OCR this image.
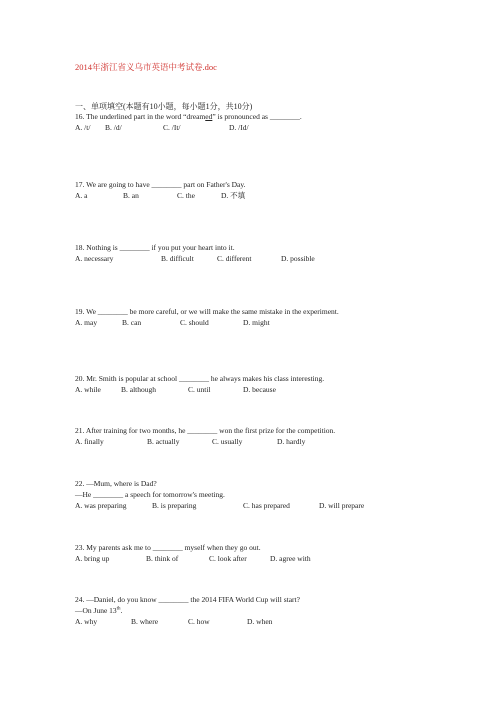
2014年浙江省义乌市英语中考试卷.doc
一、单项填空(本题有10小题，每小题1分，共10分)
16. The underlined part in the word “dreamed” is pronounced as ________.
A. /t/ B. /d/	C. /It/	D. /Id/
17. We are going to have ________ part on Father's Day.
A. a	B. an	C. the	D. 不填
18. Nothing is ________ if you put your heart into it.
A. necessary	B. difficult	C. different	D. possible
19. We ________ be more careful, or we will make the same mistake in the experiment.
A. may	B. can	C. should	D. might
20. Mr. Smith is popular at school ________ he always makes his class interesting.
A. while	B. although	C. until	D. because
21. After training for two months, he ________ won the first prize for the competition.
A. finally	B. actually	C. usually	D. hardly
22. —Mum, where is Dad?
—He ________ a speech for tomorrow's meeting.
A. was preparing	B. is preparing	C. has prepared	D. will prepare
23. My parents ask me to ________ myself when they go out.
A. bring up	B. think of	C. look after	D. agree with
24. —Daniel, do you know ________ the 2014 FIFA World Cup will start?
—On June 13th.
A. why	B. where	C. how	D. when
